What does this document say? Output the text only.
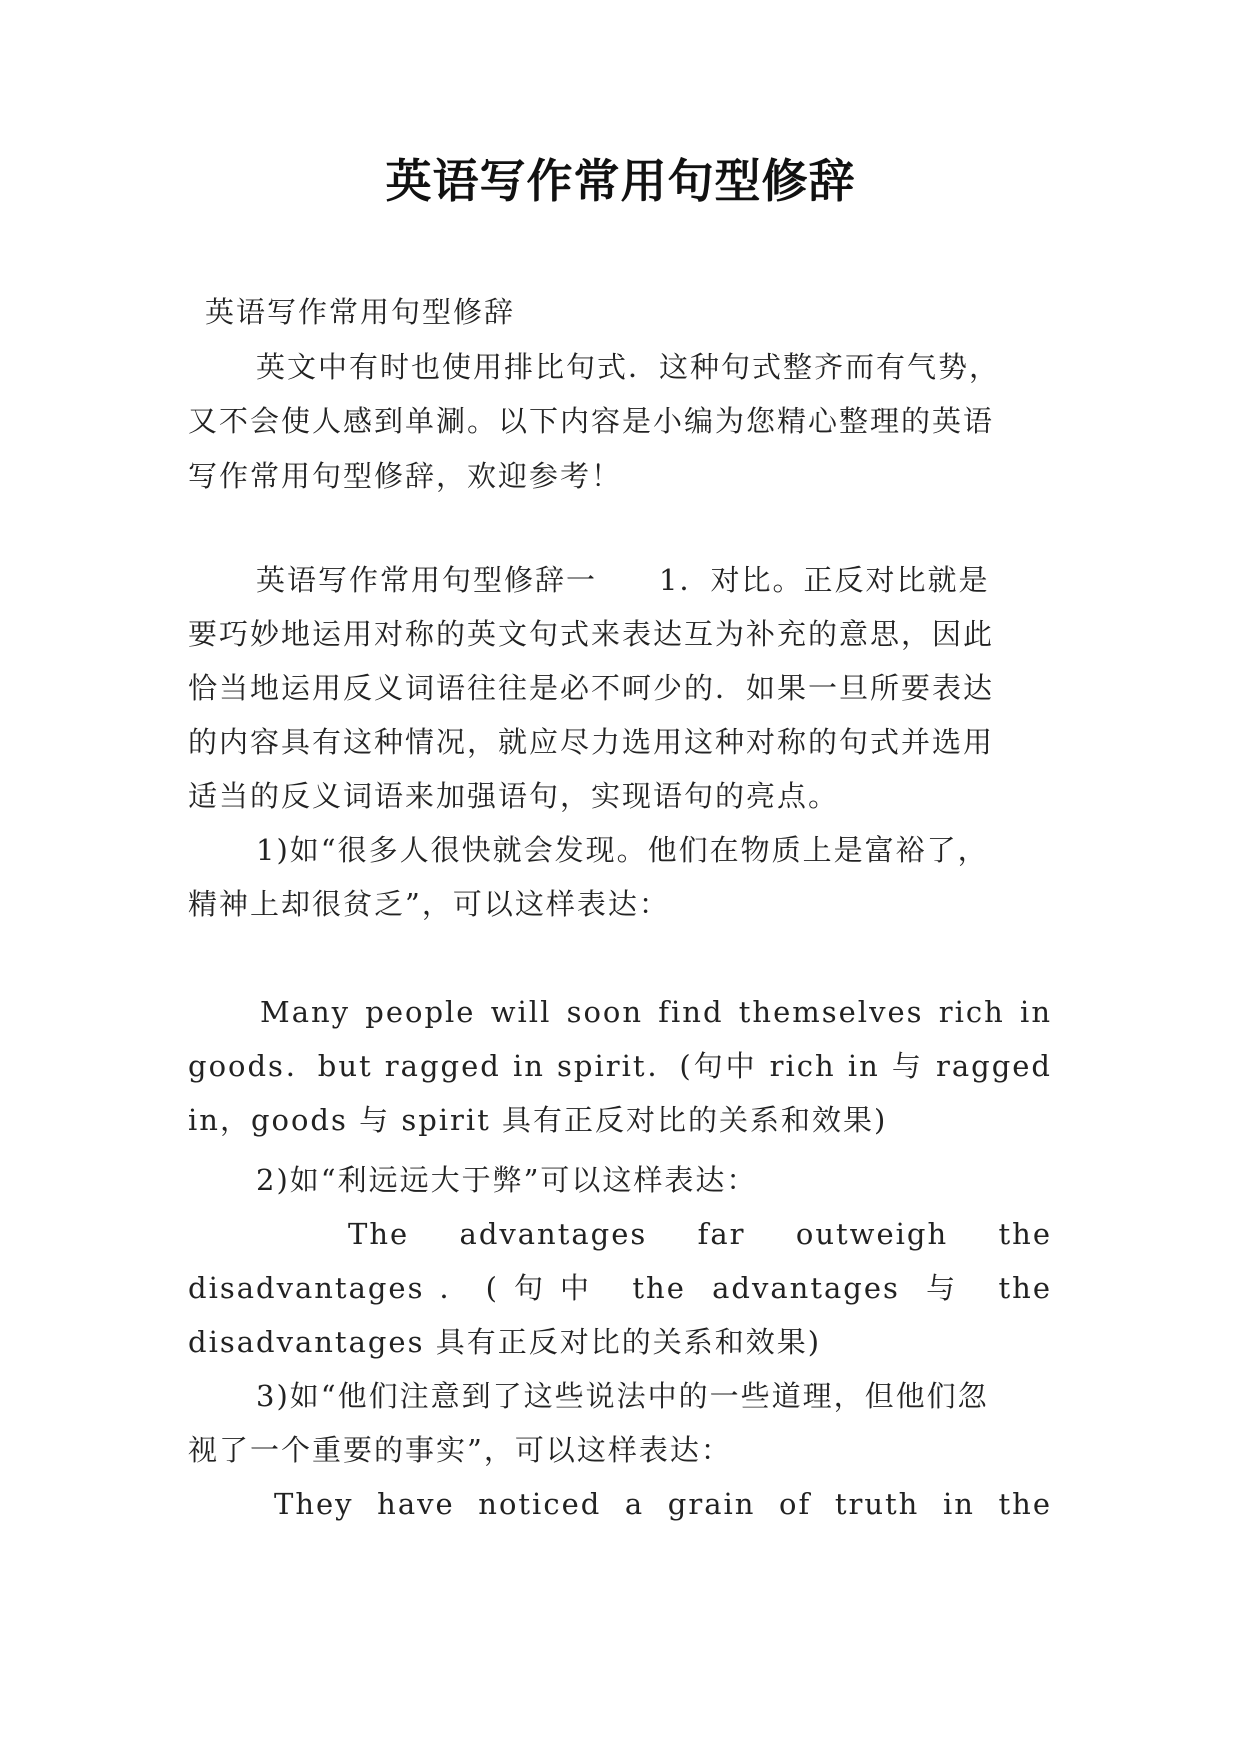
英语写作常用句型修辞
英语写作常用句型修辞
英文中有时也使用排比句式．这种句式整齐而有气势，
又不会使人感到单涮。以下内容是小编为您精心整理的英语
写作常用句型修辞，欢迎参考！
英语写作常用句型修辞一　　1．对比。正反对比就是
要巧妙地运用对称的英文句式来表达互为补充的意思，因此
恰当地运用反义词语往往是必不呵少的．如果一旦所要表达
的内容具有这种情况，就应尽力选用这种对称的句式并选用
适当的反义词语来加强语句，实现语句的亮点。
1)如“很多人很快就会发现。他们在物质上是富裕了，
精神上却很贫乏”，可以这样表达：
Many people will soon find themselves rich in
goods．but ragged in spirit．(句中 rich in 与 ragged
in，goods 与 spirit 具有正反对比的关系和效果)
2)如“利远远大于弊”可以这样表达：
The advantages far outweigh the
disadvantages．(句中 the advantages 与 the
disadvantages 具有正反对比的关系和效果)
3)如“他们注意到了这些说法中的一些道理，但他们忽
视了一个重要的事实”，可以这样表达：
They have noticed a grain of truth in the
